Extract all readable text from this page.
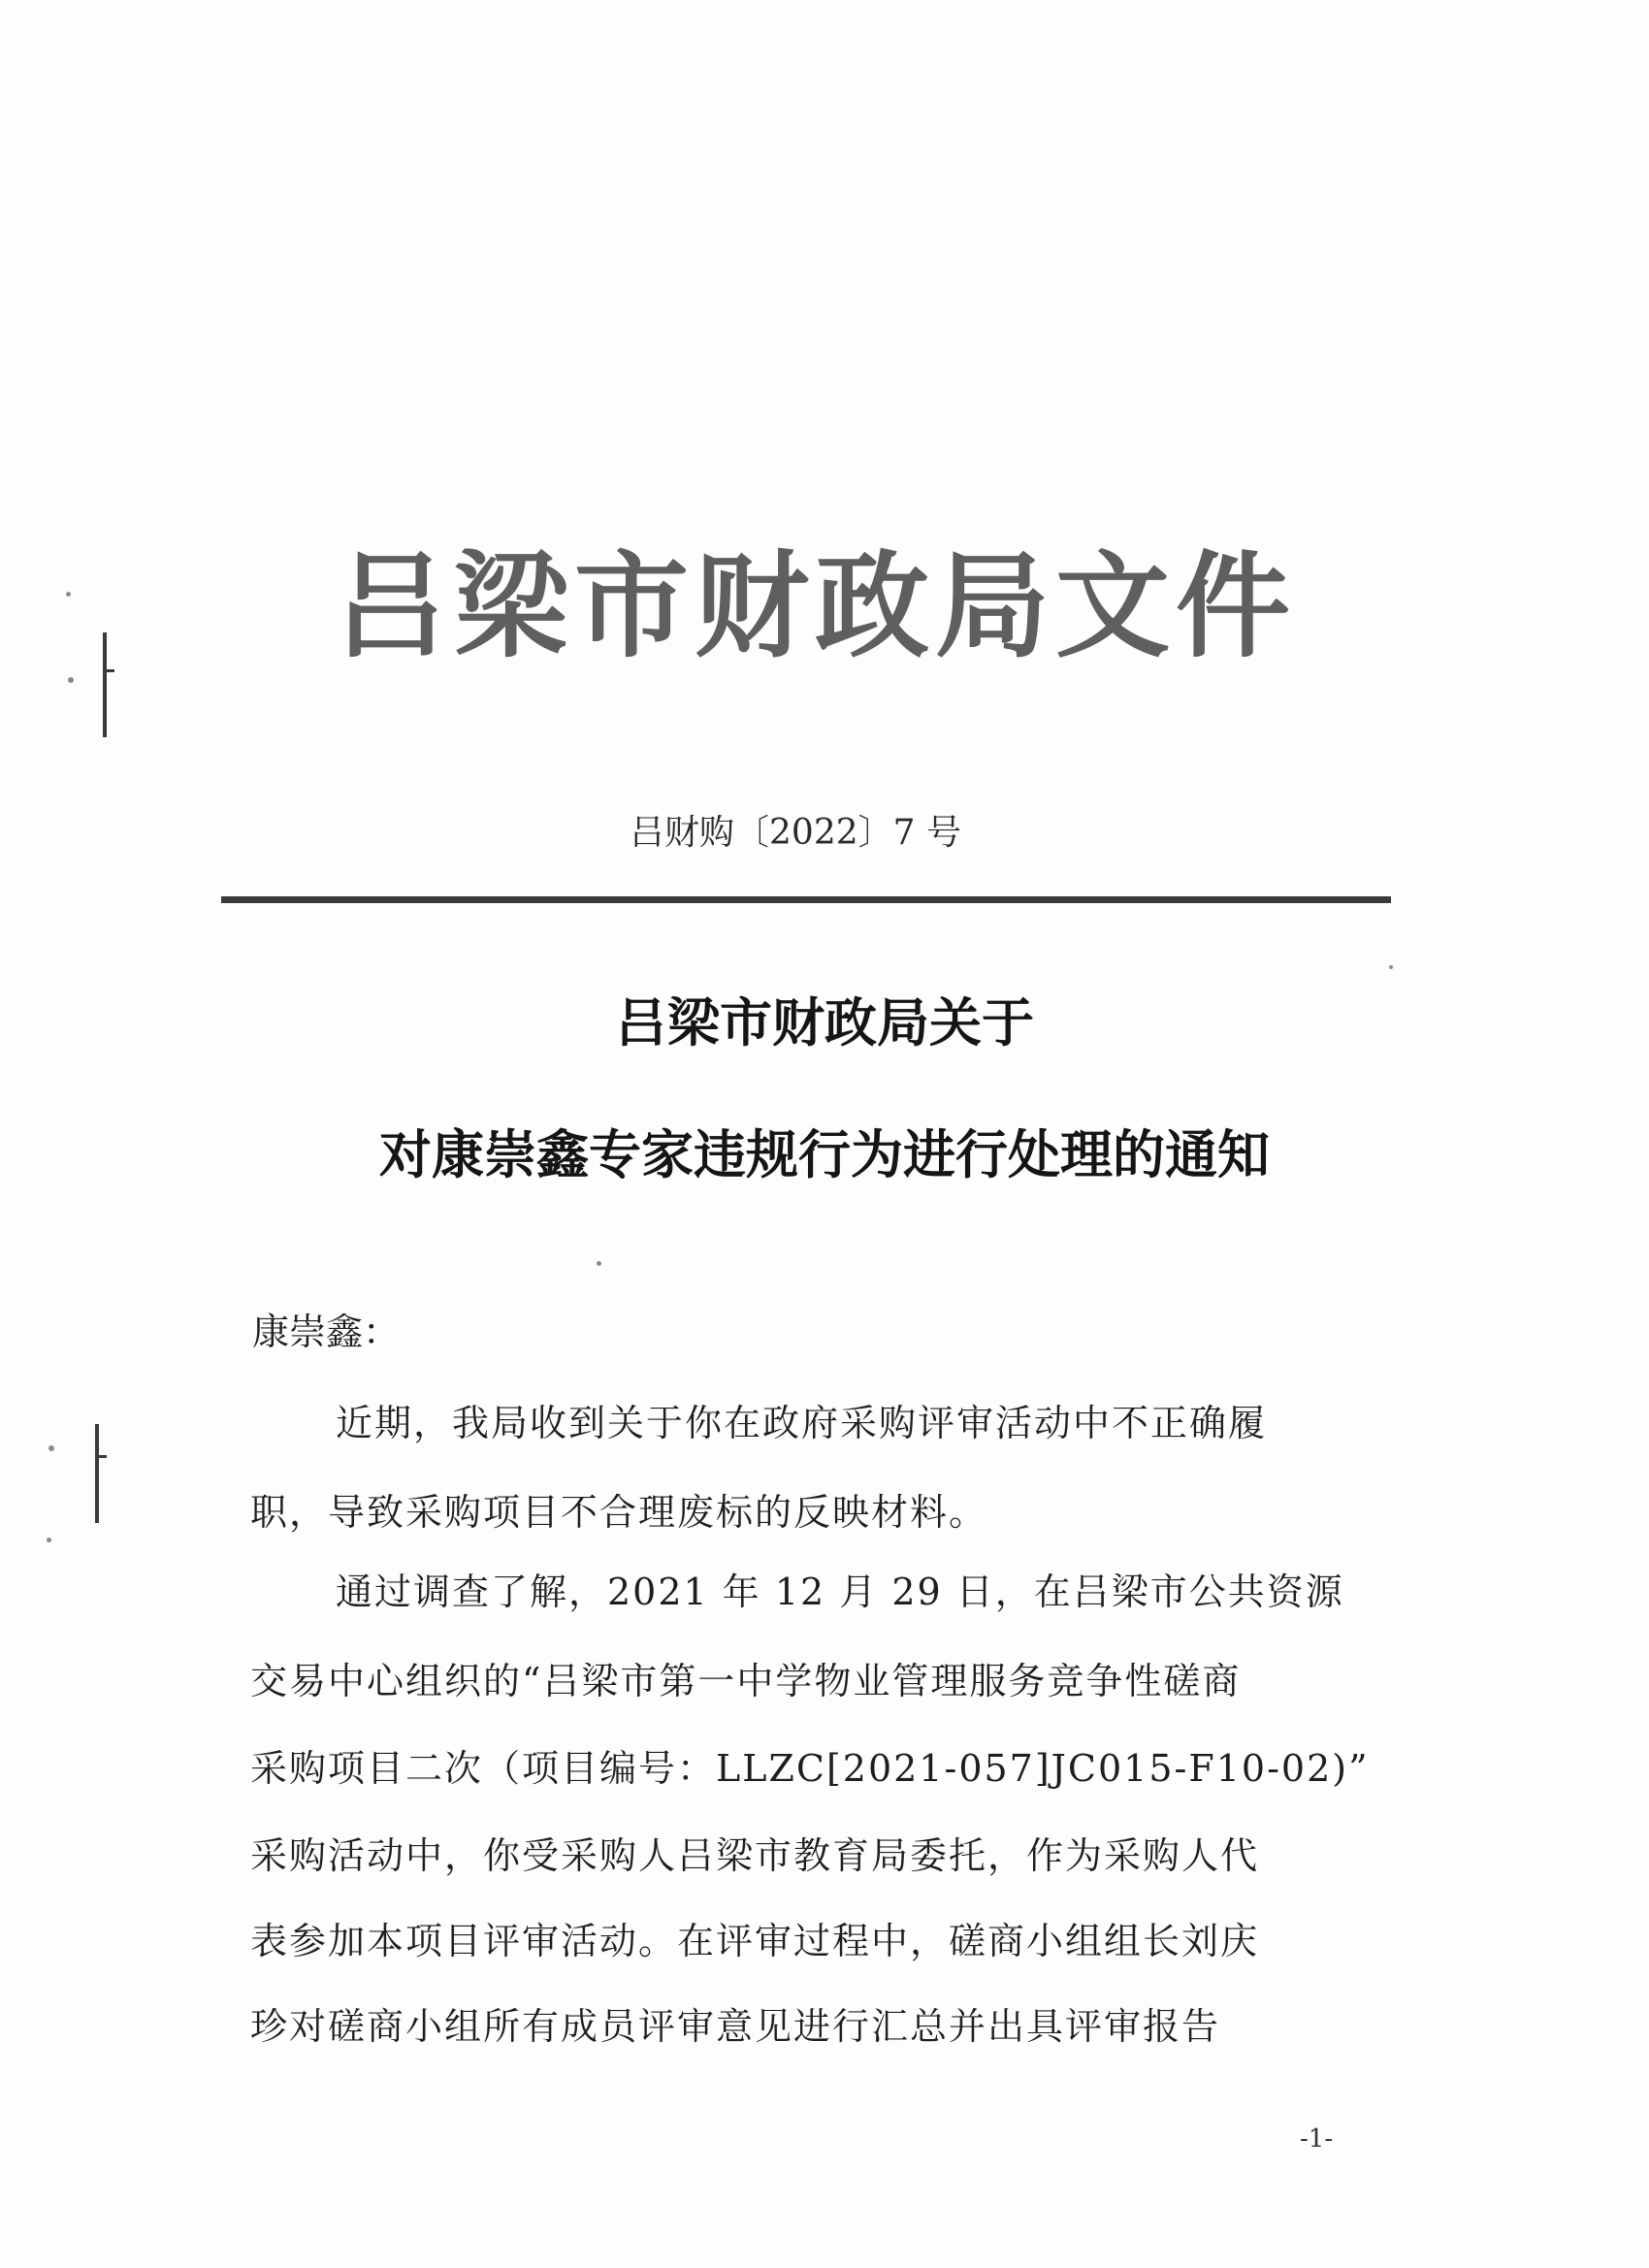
吕梁市财政局文件
吕财购〔2022〕7 号
吕梁市财政局关于
对康崇鑫专家违规行为进行处理的通知
康崇鑫：
近期，我局收到关于你在政府采购评审活动中不正确履
职，导致采购项目不合理废标的反映材料。
通过调查了解，2021 年 12 月 29 日，在吕梁市公共资源
交易中心组织的“吕梁市第一中学物业管理服务竞争性磋商
采购项目二次（项目编号：LLZC[2021-057]JC015-F10-02)”
采购活动中，你受采购人吕梁市教育局委托，作为采购人代
表参加本项目评审活动。在评审过程中，磋商小组组长刘庆
珍对磋商小组所有成员评审意见进行汇总并出具评审报告
-1-
